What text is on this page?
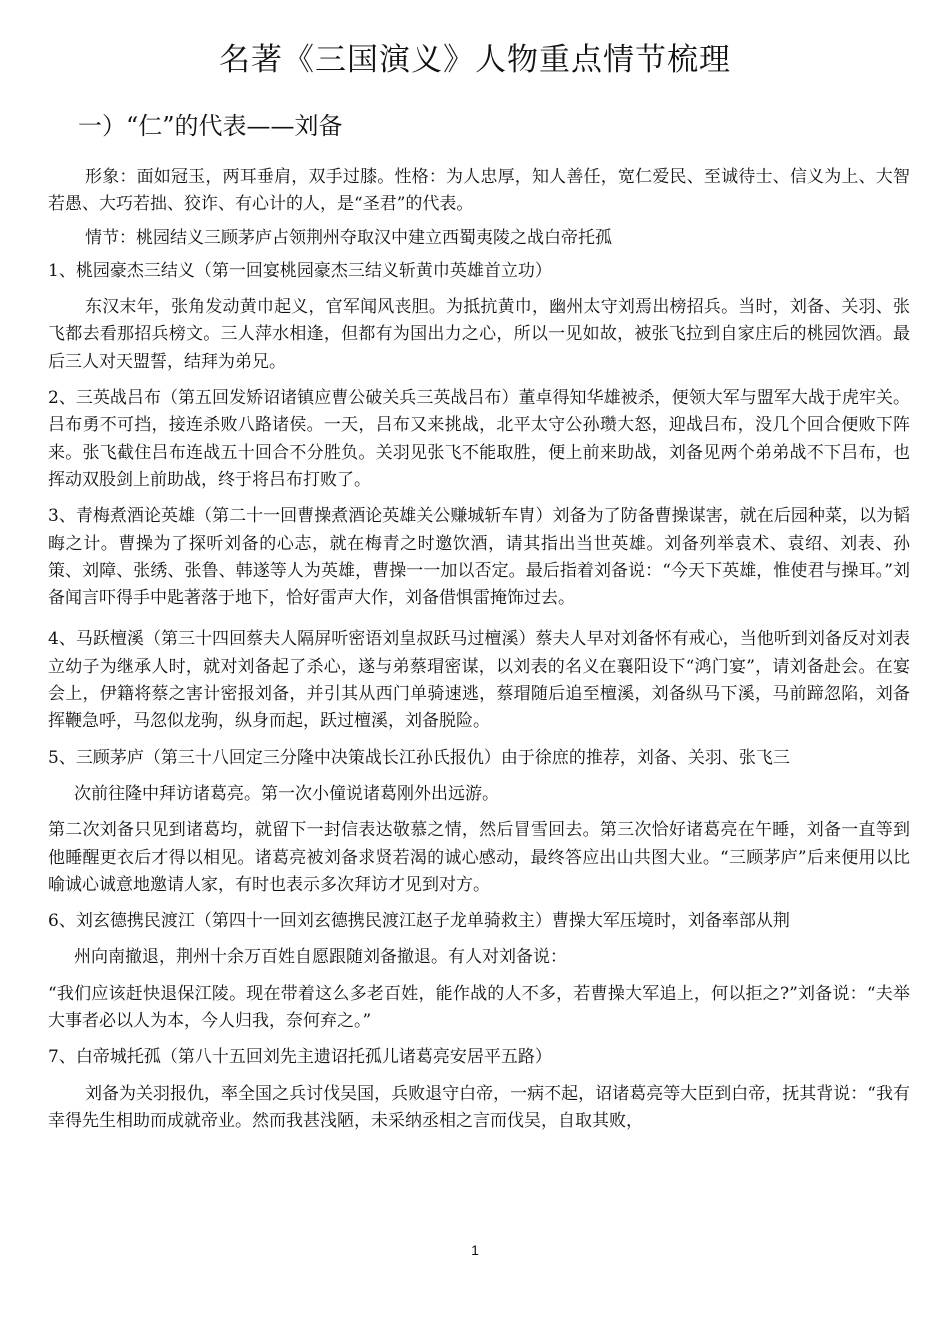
名著《三国演义》人物重点情节梳理
一）“仁”的代表——刘备

形象：面如冠玉，两耳垂肩，双手过膝。性格：为人忠厚，知人善任，宽仁爱民、至诚待士、信义为上、大智若愚、大巧若拙、狡诈、有心计的人，是“圣君”的代表。

情节：桃园结义三顾茅庐占领荆州夺取汉中建立西蜀夷陵之战白帝托孤

1、桃园豪杰三结义（第一回宴桃园豪杰三结义斩黄巾英雄首立功）

东汉末年，张角发动黄巾起义，官军闻风丧胆。为抵抗黄巾，幽州太守刘焉出榜招兵。当时，刘备、关羽、张飞都去看那招兵榜文。三人萍水相逢，但都有为国出力之心，所以一见如故，被张飞拉到自家庄后的桃园饮酒。最后三人对天盟誓，结拜为弟兄。

2、三英战吕布（第五回发矫诏诸镇应曹公破关兵三英战吕布）董卓得知华雄被杀，便领大军与盟军大战于虎牢关。吕布勇不可挡，接连杀败八路诸侯。一天，吕布又来挑战，北平太守公孙瓒大怒，迎战吕布，没几个回合便败下阵来。张飞截住吕布连战五十回合不分胜负。关羽见张飞不能取胜，便上前来助战，刘备见两个弟弟战不下吕布，也挥动双股剑上前助战，终于将吕布打败了。

3、青梅煮酒论英雄（第二十一回曹操煮酒论英雄关公赚城斩车胄）刘备为了防备曹操谋害，就在后园种菜，以为韬晦之计。曹操为了探听刘备的心志，就在梅青之时邀饮酒，请其指出当世英雄。刘备列举袁术、袁绍、刘表、孙策、刘障、张绣、张鲁、韩遂等人为英雄，曹操一一加以否定。最后指着刘备说：“今天下英雄，惟使君与操耳。”刘备闻言吓得手中匙著落于地下，恰好雷声大作，刘备借惧雷掩饰过去。

4、马跃檀溪（第三十四回蔡夫人隔屏听密语刘皇叔跃马过檀溪）蔡夫人早对刘备怀有戒心，当他听到刘备反对刘表立幼子为继承人时，就对刘备起了杀心，遂与弟蔡瑁密谋，以刘表的名义在襄阳设下“鸿门宴”，请刘备赴会。在宴会上，伊籍将蔡之害计密报刘备，并引其从西门单骑速逃，蔡瑁随后追至檀溪，刘备纵马下溪，马前蹄忽陷，刘备挥鞭急呼，马忽似龙驹，纵身而起，跃过檀溪，刘备脱险。

5、三顾茅庐（第三十八回定三分隆中决策战长江孙氏报仇）由于徐庶的推荐，刘备、关羽、张飞三

次前往隆中拜访诸葛亮。第一次小僮说诸葛刚外出远游。

第二次刘备只见到诸葛均，就留下一封信表达敬慕之情，然后冒雪回去。第三次恰好诸葛亮在午睡，刘备一直等到他睡醒更衣后才得以相见。诸葛亮被刘备求贤若渴的诚心感动，最终答应出山共图大业。“三顾茅庐”后来便用以比喻诚心诚意地邀请人家，有时也表示多次拜访才见到对方。

6、刘玄德携民渡江（第四十一回刘玄德携民渡江赵子龙单骑救主）曹操大军压境时，刘备率部从荆

州向南撤退，荆州十余万百姓自愿跟随刘备撤退。有人对刘备说：

“我们应该赶快退保江陵。现在带着这么多老百姓，能作战的人不多，若曹操大军追上，何以拒之?”刘备说：“夫举大事者必以人为本，今人归我，奈何弃之。”

7、白帝城托孤（第八十五回刘先主遗诏托孤儿诸葛亮安居平五路）

刘备为关羽报仇，率全国之兵讨伐吴国，兵败退守白帝，一病不起，诏诸葛亮等大臣到白帝，抚其背说：“我有幸得先生相助而成就帝业。然而我甚浅陋，未采纳丞相之言而伐吴，自取其败，

1
